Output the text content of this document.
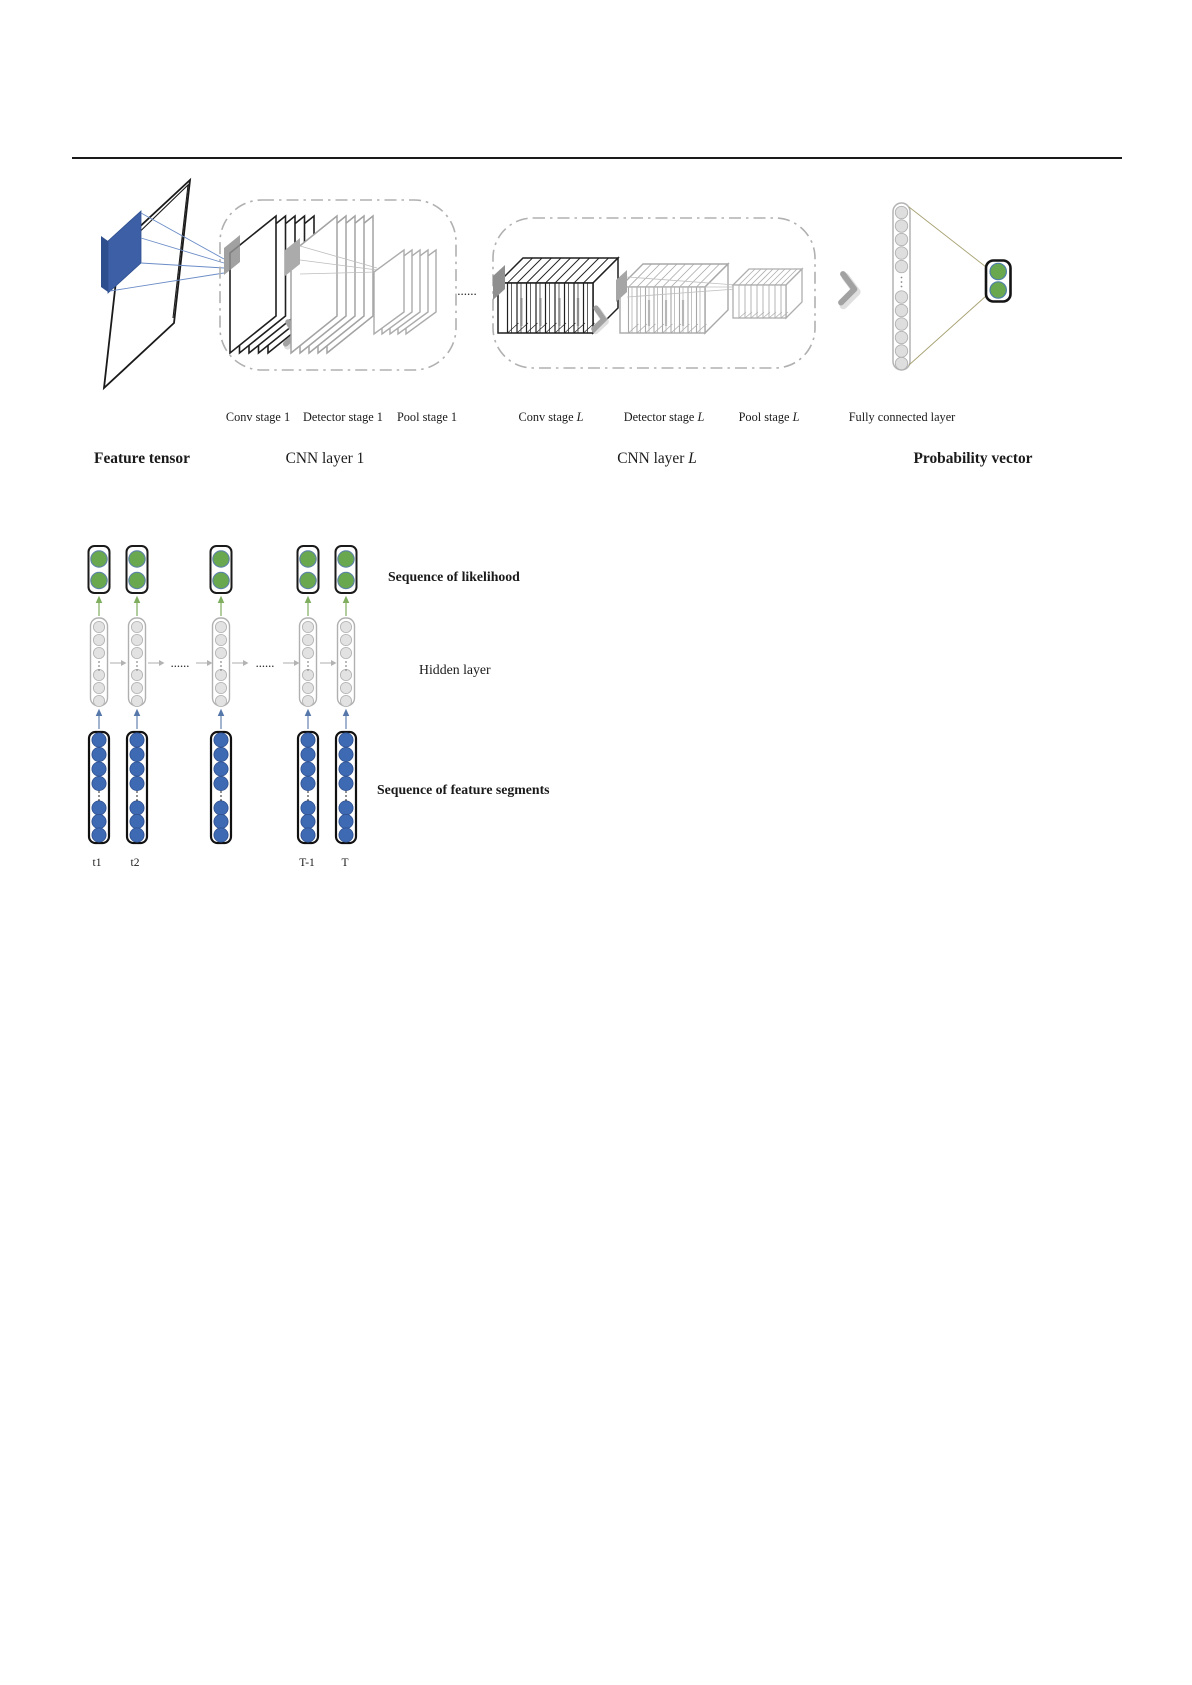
......
Conv stage 1 Detector stage 1 Pool stage 1	Conv stage L	Detector stage L	Pool stage L	Fully connected layer
Feature tensor	CNN layer 1	CNN layer L	Probability vector
......	......
Sequence of likelihood
Hidden layer
Sequence of feature segments
t1	t2	T-1 T
